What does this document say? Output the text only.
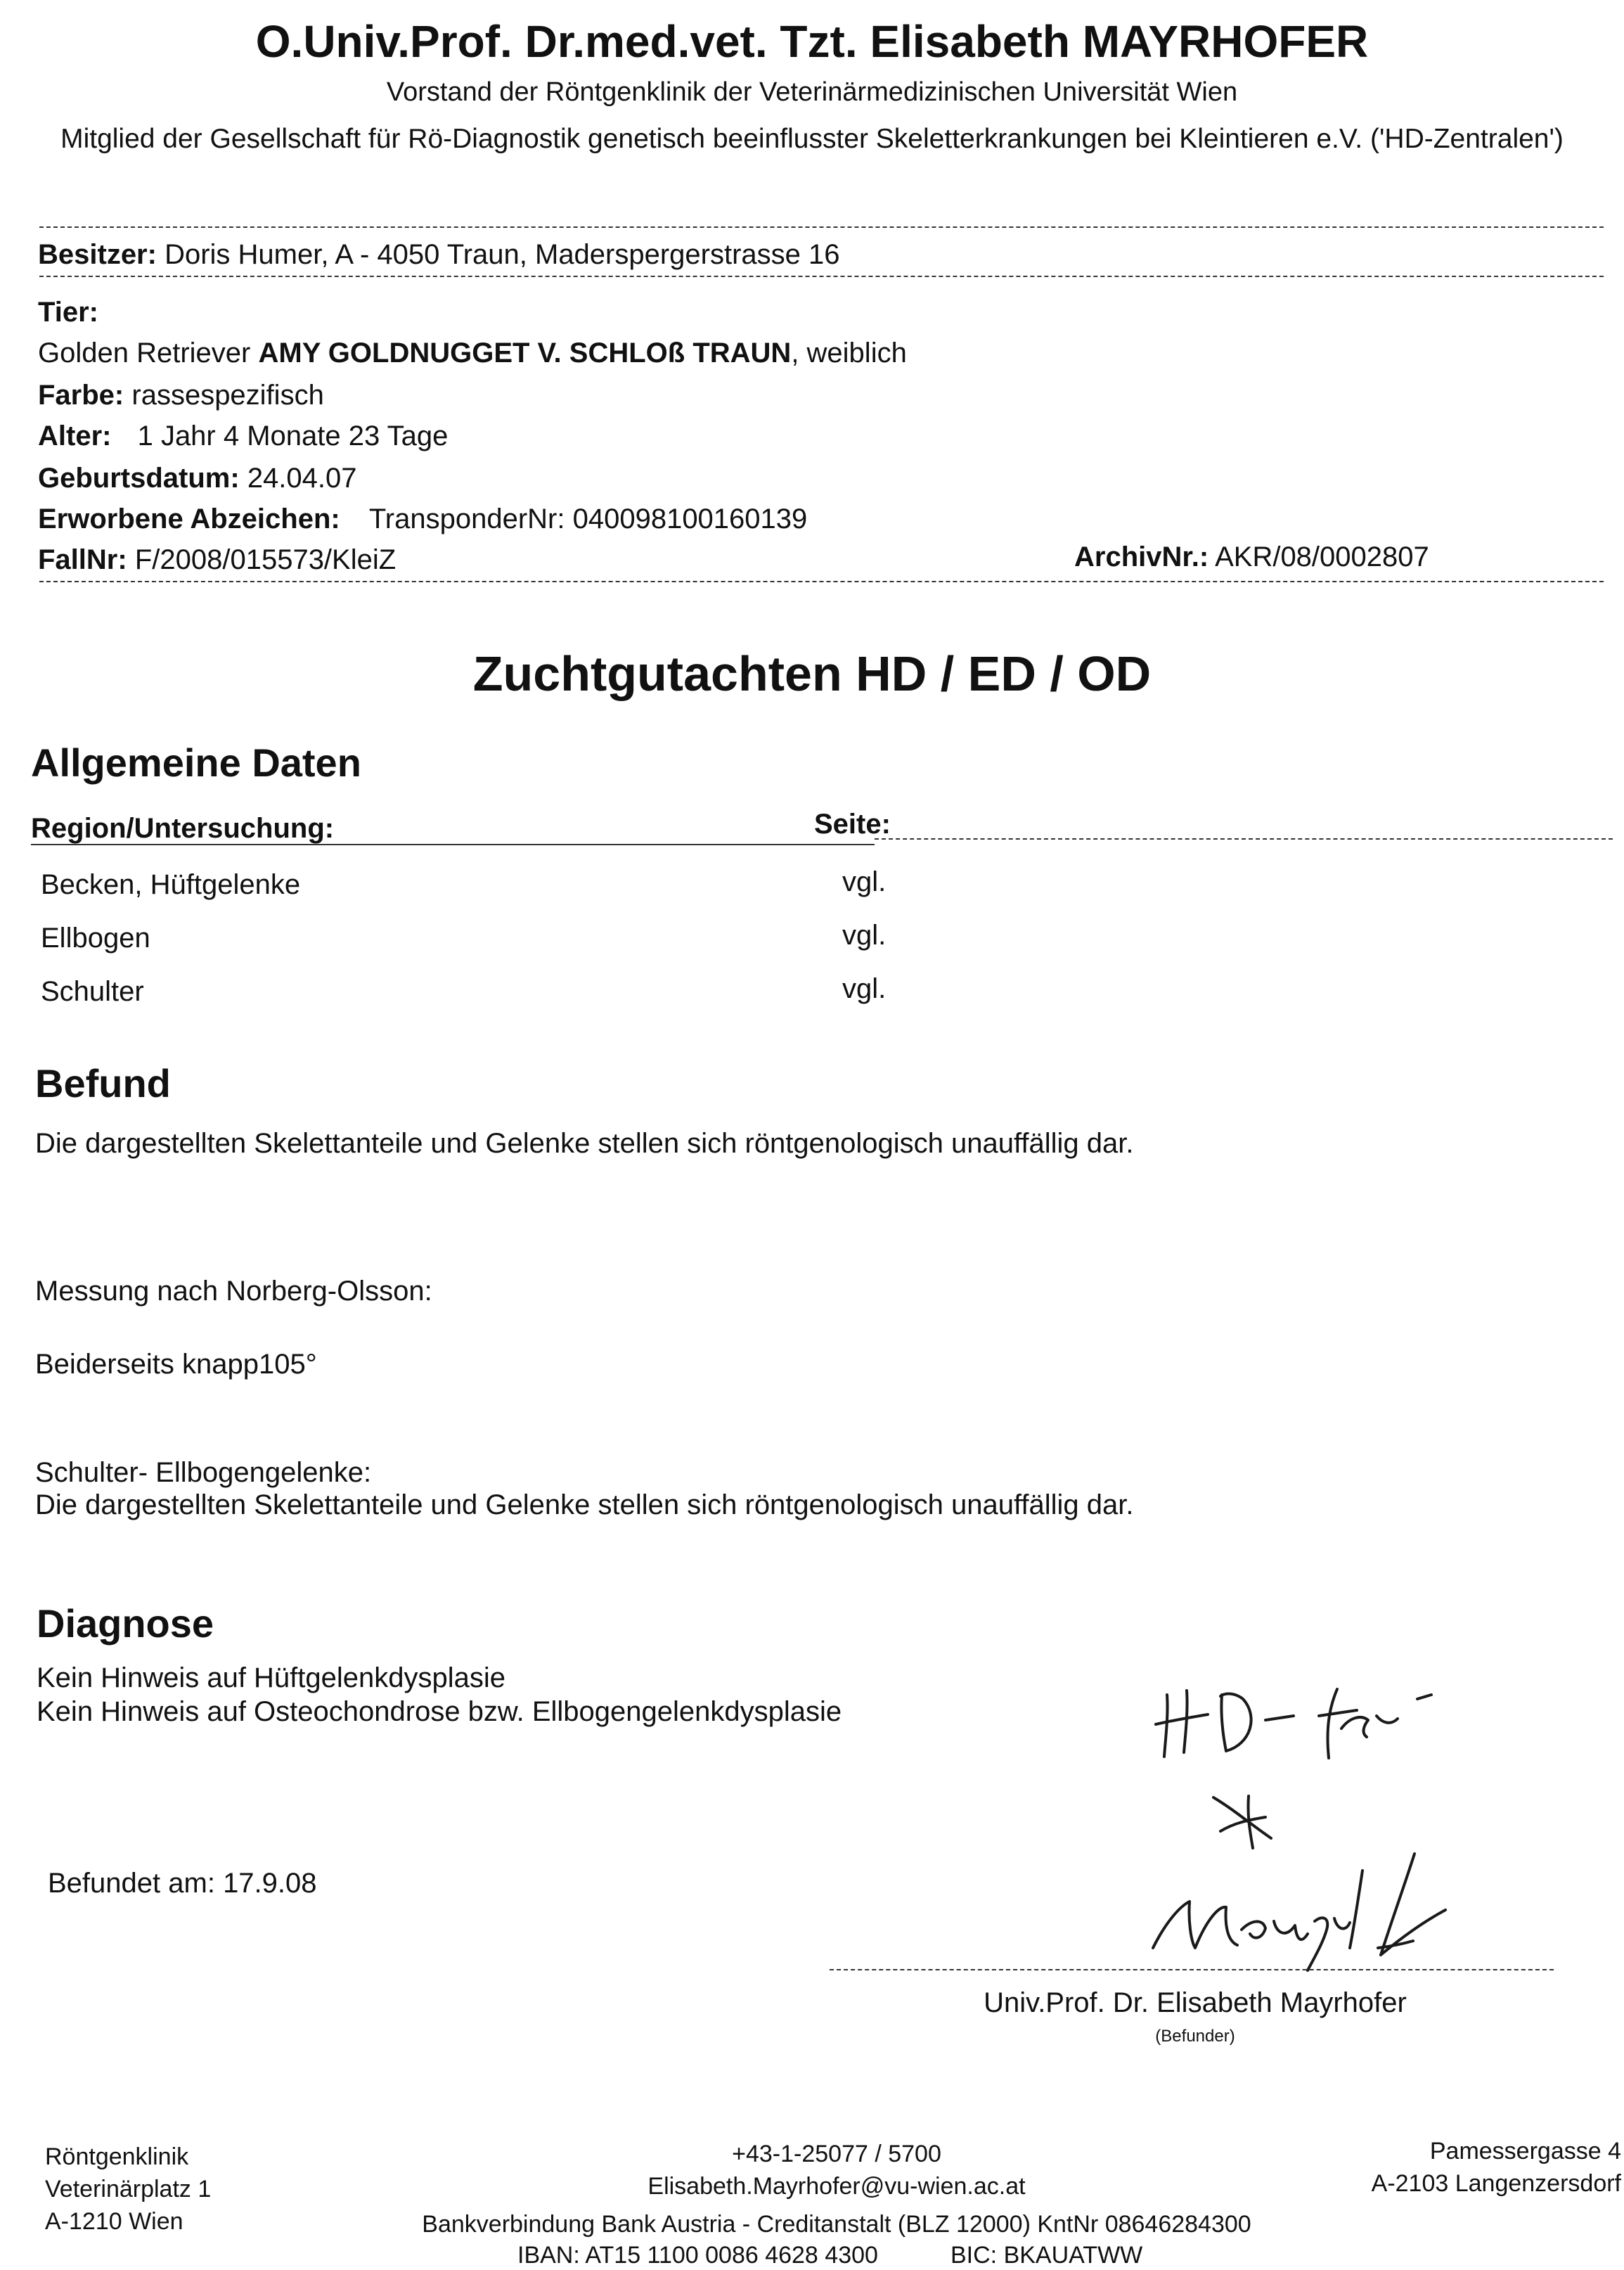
O.Univ.Prof. Dr.med.vet. Tzt. Elisabeth MAYRHOFER
Vorstand der Röntgenklinik der Veterinärmedizinischen Universität Wien
Mitglied der Gesellschaft für Rö-Diagnostik genetisch beeinflusster Skeletterkrankungen bei Kleintieren e.V. ('HD-Zentralen')
Besitzer: Doris Humer, A - 4050 Traun, Maderspergerstrasse 16
Tier:
Golden Retriever AMY GOLDNUGGET V. SCHLOß TRAUN, weiblich
Farbe: rassespezifisch
Alter: 1 Jahr 4 Monate 23 Tage
Geburtsdatum: 24.04.07
Erworbene Abzeichen: TransponderNr: 040098100160139
FallNr: F/2008/015573/KleiZ	ArchivNr.: AKR/08/0002807
Zuchtgutachten HD / ED / OD
Allgemeine Daten
Region/Untersuchung:	Seite:
Becken, Hüftgelenke	vgl.
Ellbogen	vgl.
Schulter	vgl.
Befund
Die dargestellten Skelettanteile und Gelenke stellen sich röntgenologisch unauffällig dar.
Messung nach Norberg-Olsson:
Beiderseits knapp105°
Schulter- Ellbogengelenke:
Die dargestellten Skelettanteile und Gelenke stellen sich röntgenologisch unauffällig dar.
Diagnose
Kein Hinweis auf Hüftgelenkdysplasie
Kein Hinweis auf Osteochondrose bzw. Ellbogengelenkdysplasie
Befundet am: 17.9.08
Univ.Prof. Dr. Elisabeth Mayrhofer
(Befunder)
Röntgenklinik
Veterinärplatz 1
A-1210 Wien
+43-1-25077 / 5700
Elisabeth.Mayrhofer@vu-wien.ac.at
Bankverbindung Bank Austria - Creditanstalt (BLZ 12000) KntNr 08646284300
IBAN: AT15 1100 0086 4628 4300	BIC: BKAUATWW
Pamessergasse 4
A-2103 Langenzersdorf
